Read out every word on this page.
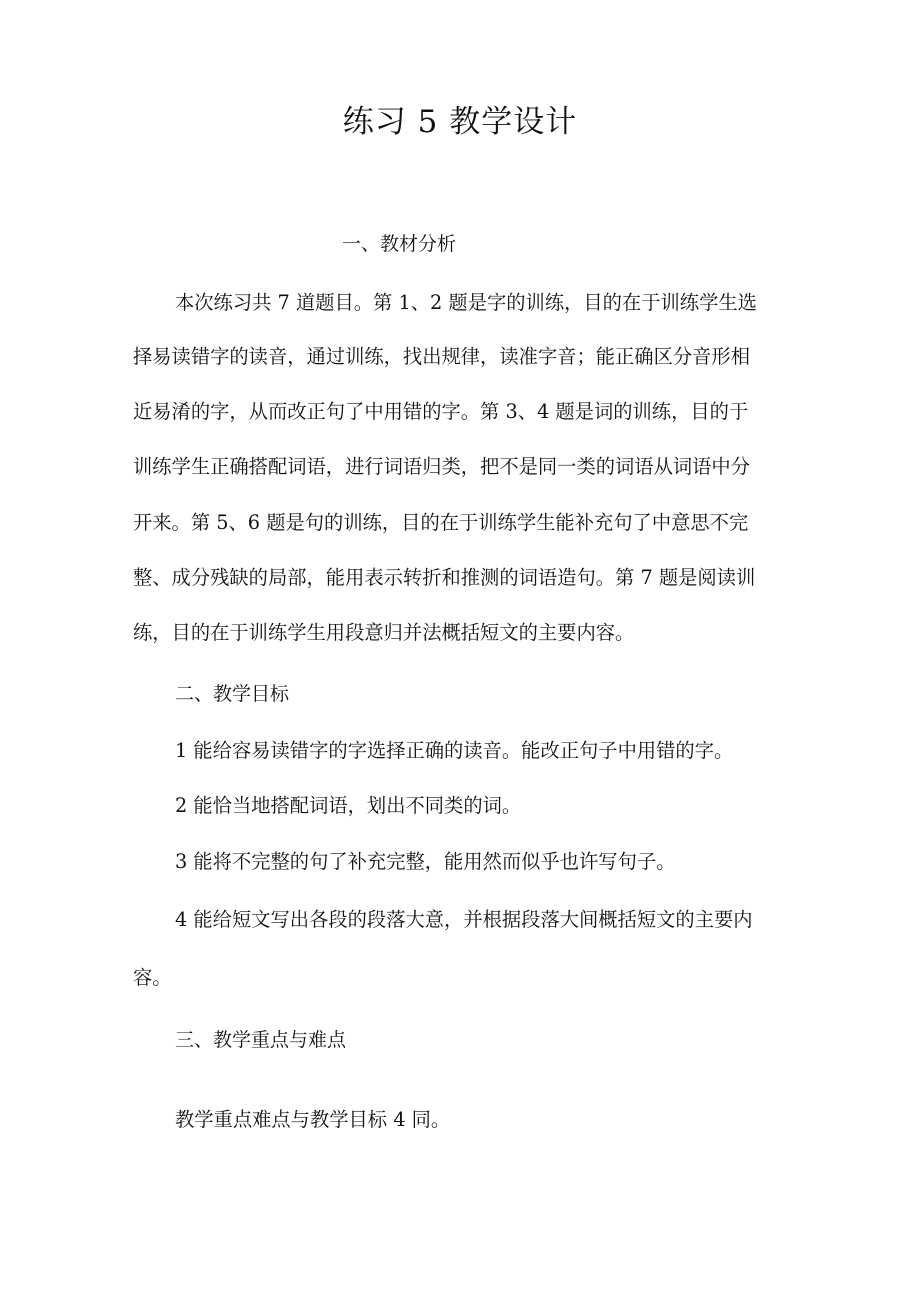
练习 5 教学设计
一、教材分析
本次练习共 7 道题目。第 1、2 题是字的训练，目的在于训练学生选
择易读错字的读音，通过训练，找出规律，读准字音；能正确区分音形相
近易淆的字，从而改正句了中用错的字。第 3、4 题是词的训练，目的于
训练学生正确搭配词语，进行词语归类，把不是同一类的词语从词语中分
开来。第 5、6 题是句的训练，目的在于训练学生能补充句了中意思不完
整、成分残缺的局部，能用表示转折和推测的词语造句。第 7 题是阅读训
练，目的在于训练学生用段意归并法概括短文的主要内容。
二、教学目标
1 能给容易读错字的字选择正确的读音。能改正句子中用错的字。
2 能恰当地搭配词语，划出不同类的词。
3 能将不完整的句了补充完整，能用然而似乎也许写句子。
4 能给短文写出各段的段落大意，并根据段落大间概括短文的主要内
容。
三、教学重点与难点
教学重点难点与教学目标 4 同。
